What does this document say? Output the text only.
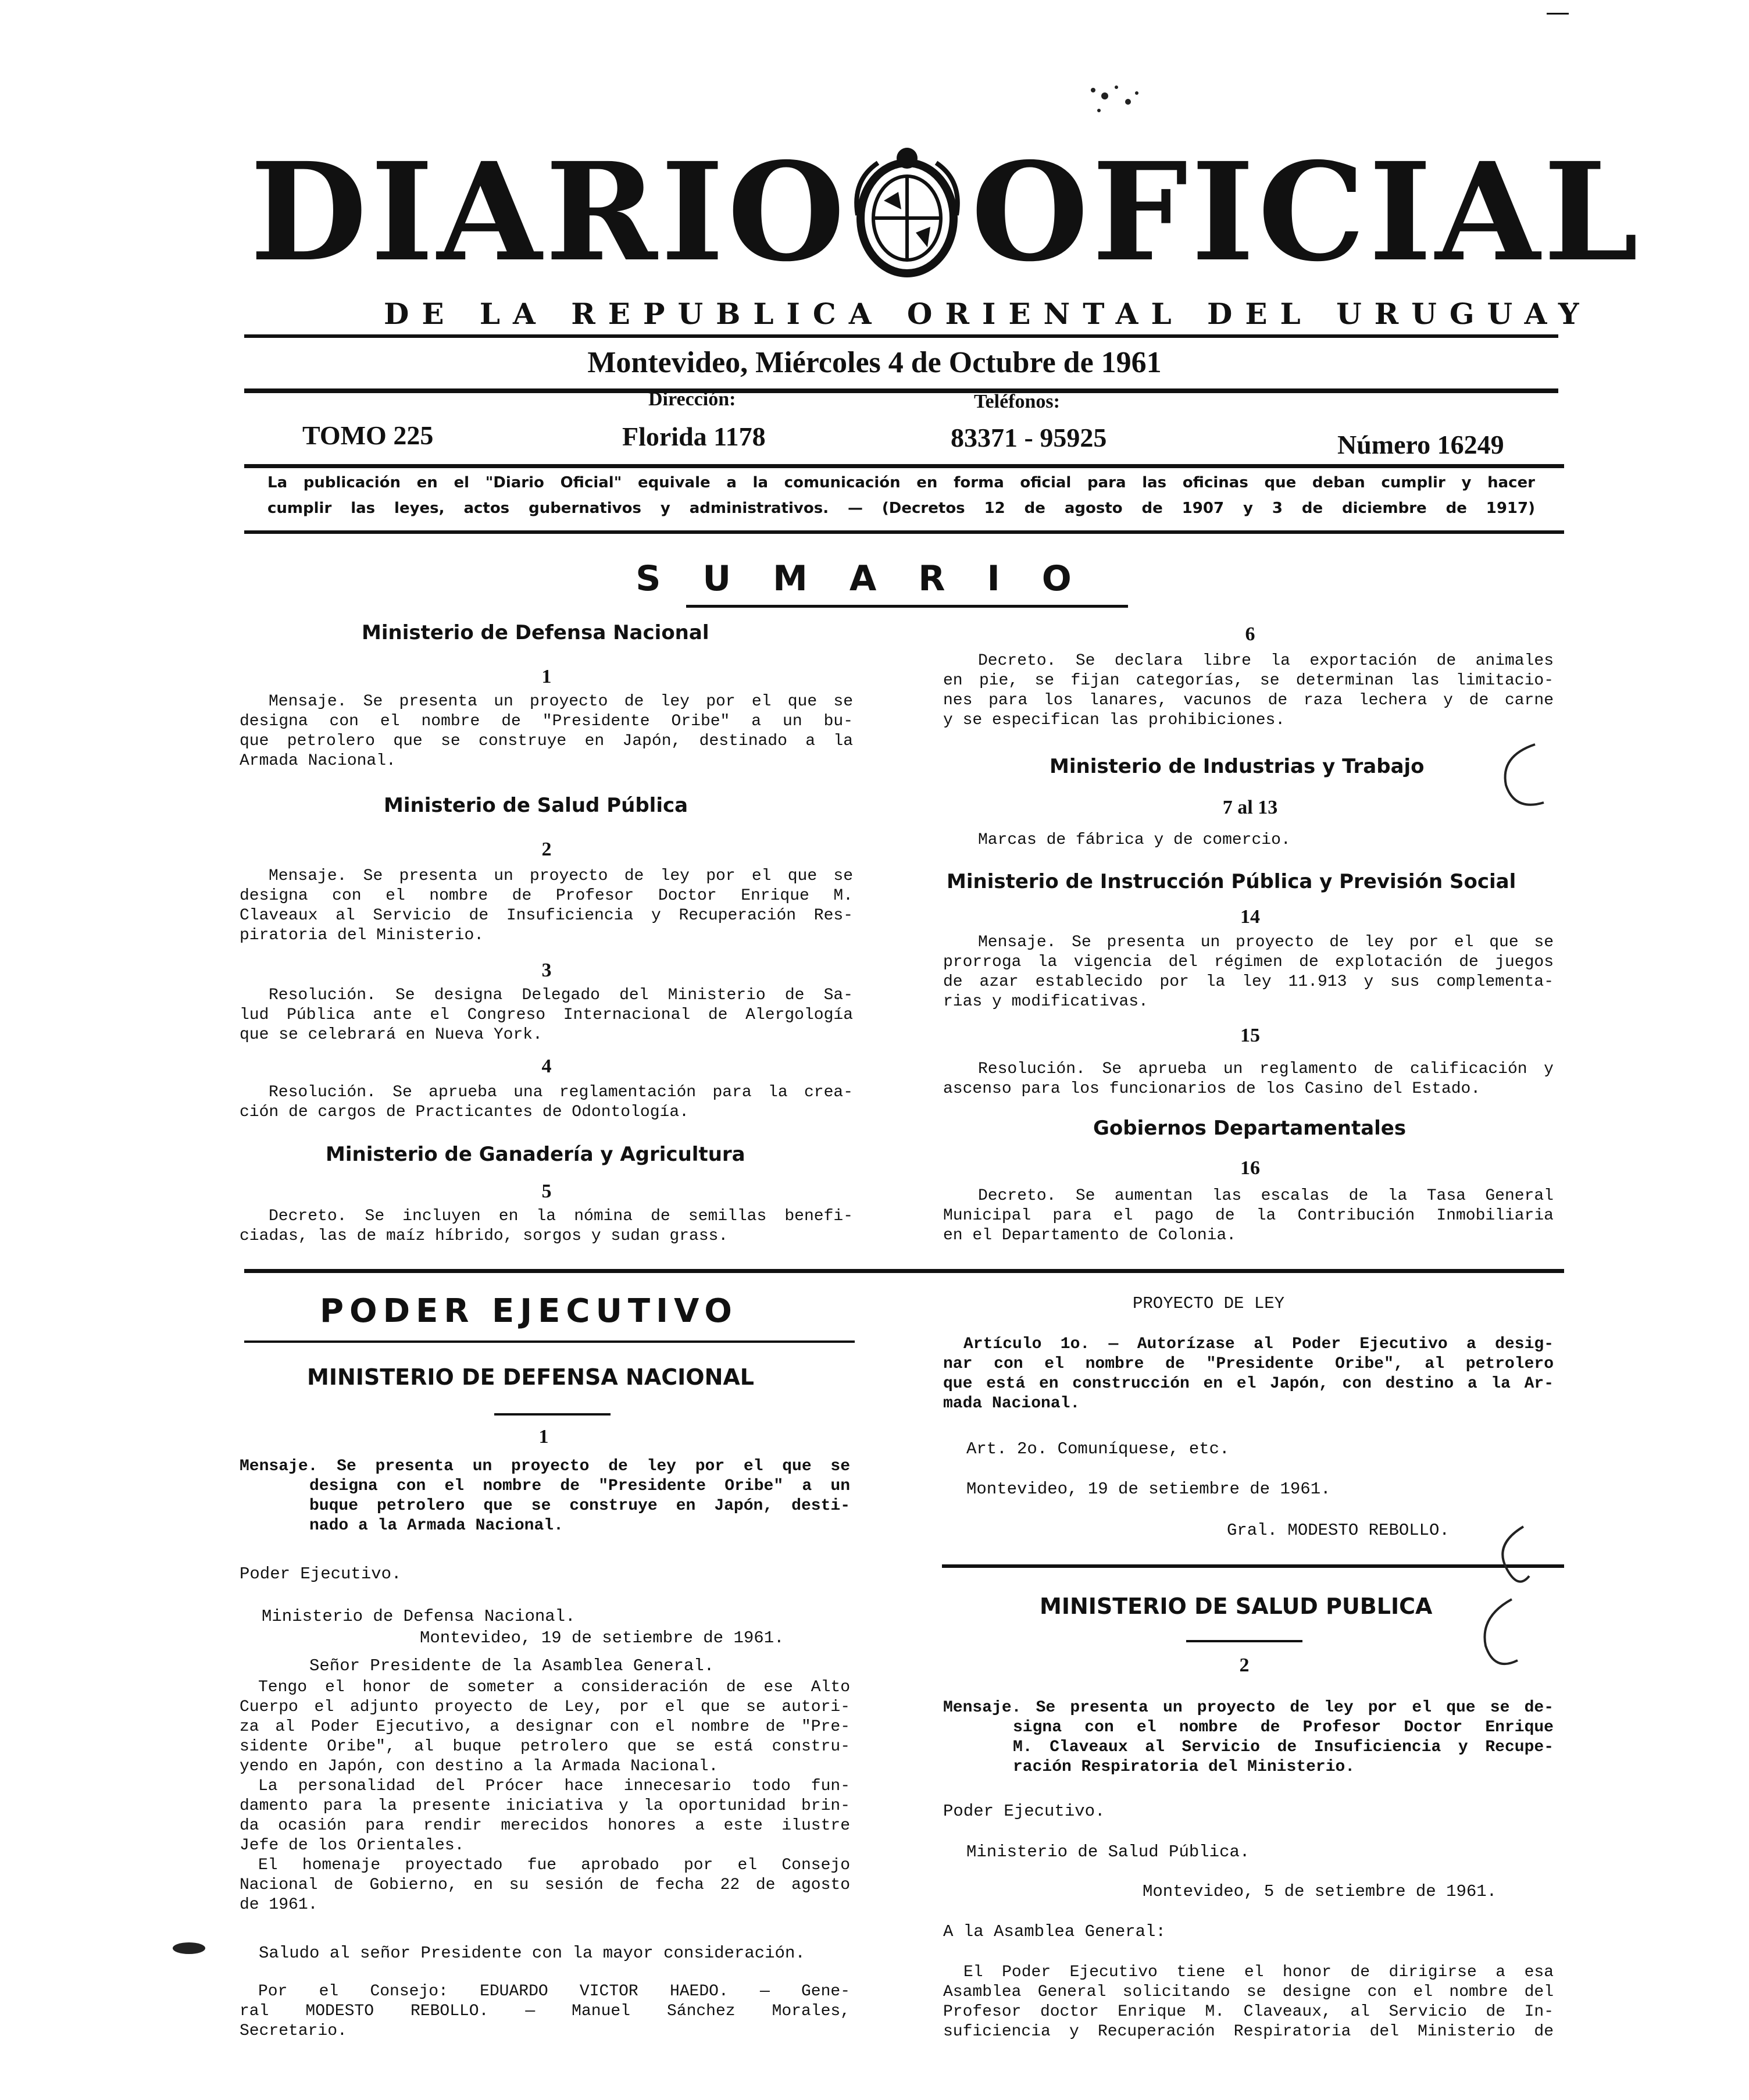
DIARIO OFICIAL
DE LA REPUBLICA ORIENTAL DEL URUGUAY
Montevideo, Miércoles 4 de Octubre de 1961
Dirección:	Teléfonos:
TOMO 225	Florida 1178	83371 - 95925	Número 16249
La publicación en el "Diario Oficial" equivale a la comunicación en forma oficial para las oficinas que deban cumplir y hacer
cumplir las leyes, actos gubernativos y administrativos. — (Decretos 12 de agosto de 1907 y 3 de diciembre de 1917)
SUMARIO
Ministerio de Defensa Nacional
1
Mensaje. Se presenta un proyecto de ley por el que se
designa con el nombre de "Presidente Oribe" a un bu-
que petrolero que se construye en Japón, destinado a la
Armada Nacional.
Ministerio de Salud Pública
2
Mensaje. Se presenta un proyecto de ley por el que se
designa con el nombre de Profesor Doctor Enrique M.
Claveaux al Servicio de Insuficiencia y Recuperación Res-
piratoria del Ministerio.
3
Resolución. Se designa Delegado del Ministerio de Sa-
lud Pública ante el Congreso Internacional de Alergología
que se celebrará en Nueva York.
4
Resolución. Se aprueba una reglamentación para la crea-
ción de cargos de Practicantes de Odontología.
Ministerio de Ganadería y Agricultura
5
Decreto. Se incluyen en la nómina de semillas benefi-
ciadas, las de maíz híbrido, sorgos y sudan grass.
6
Decreto. Se declara libre la exportación de animales
en pie, se fijan categorías, se determinan las limitacio-
nes para los lanares, vacunos de raza lechera y de carne
y se especifican las prohibiciones.
Ministerio de Industrias y Trabajo
7 al 13
Marcas de fábrica y de comercio.
Ministerio de Instrucción Pública y Previsión Social
14
Mensaje. Se presenta un proyecto de ley por el que se
prorroga la vigencia del régimen de explotación de juegos
de azar establecido por la ley 11.913 y sus complementa-
rias y modificativas.
15
Resolución. Se aprueba un reglamento de calificación y
ascenso para los funcionarios de los Casino del Estado.
Gobiernos Departamentales
16
Decreto. Se aumentan las escalas de la Tasa General
Municipal para el pago de la Contribución Inmobiliaria
en el Departamento de Colonia.
PODER EJECUTIVO
MINISTERIO DE DEFENSA NACIONAL
1
Mensaje. Se presenta un proyecto de ley por el que se
designa con el nombre de "Presidente Oribe" a un
buque petrolero que se construye en Japón, desti-
nado a la Armada Nacional.
Poder Ejecutivo.
Ministerio de Defensa Nacional.
Montevideo, 19 de setiembre de 1961.
Señor Presidente de la Asamblea General.
Tengo el honor de someter a consideración de ese Alto
Cuerpo el adjunto proyecto de Ley, por el que se autori-
za al Poder Ejecutivo, a designar con el nombre de "Pre-
sidente Oribe", al buque petrolero que se está constru-
yendo en Japón, con destino a la Armada Nacional.
La personalidad del Prócer hace innecesario todo fun-
damento para la presente iniciativa y la oportunidad brin-
da ocasión para rendir merecidos honores a este ilustre
Jefe de los Orientales.
El homenaje proyectado fue aprobado por el Consejo
Nacional de Gobierno, en su sesión de fecha 22 de agosto
de 1961.
Saludo al señor Presidente con la mayor consideración.
Por el Consejo: EDUARDO VICTOR HAEDO. — Gene-
ral MODESTO REBOLLO. — Manuel Sánchez Morales,
Secretario.
PROYECTO DE LEY
Artículo 1o. — Autorízase al Poder Ejecutivo a desig-
nar con el nombre de "Presidente Oribe", al petrolero
que está en construcción en el Japón, con destino a la Ar-
mada Nacional.
Art. 2o. Comuníquese, etc.
Montevideo, 19 de setiembre de 1961.
Gral. MODESTO REBOLLO.
MINISTERIO DE SALUD PUBLICA
2
Mensaje. Se presenta un proyecto de ley por el que se de-
signa con el nombre de Profesor Doctor Enrique
M. Claveaux al Servicio de Insuficiencia y Recupe-
ración Respiratoria del Ministerio.
Poder Ejecutivo.
Ministerio de Salud Pública.
Montevideo, 5 de setiembre de 1961.
A la Asamblea General:
El Poder Ejecutivo tiene el honor de dirigirse a esa
Asamblea General solicitando se designe con el nombre del
Profesor doctor Enrique M. Claveaux, al Servicio de In-
suficiencia y Recuperación Respiratoria del Ministerio de
